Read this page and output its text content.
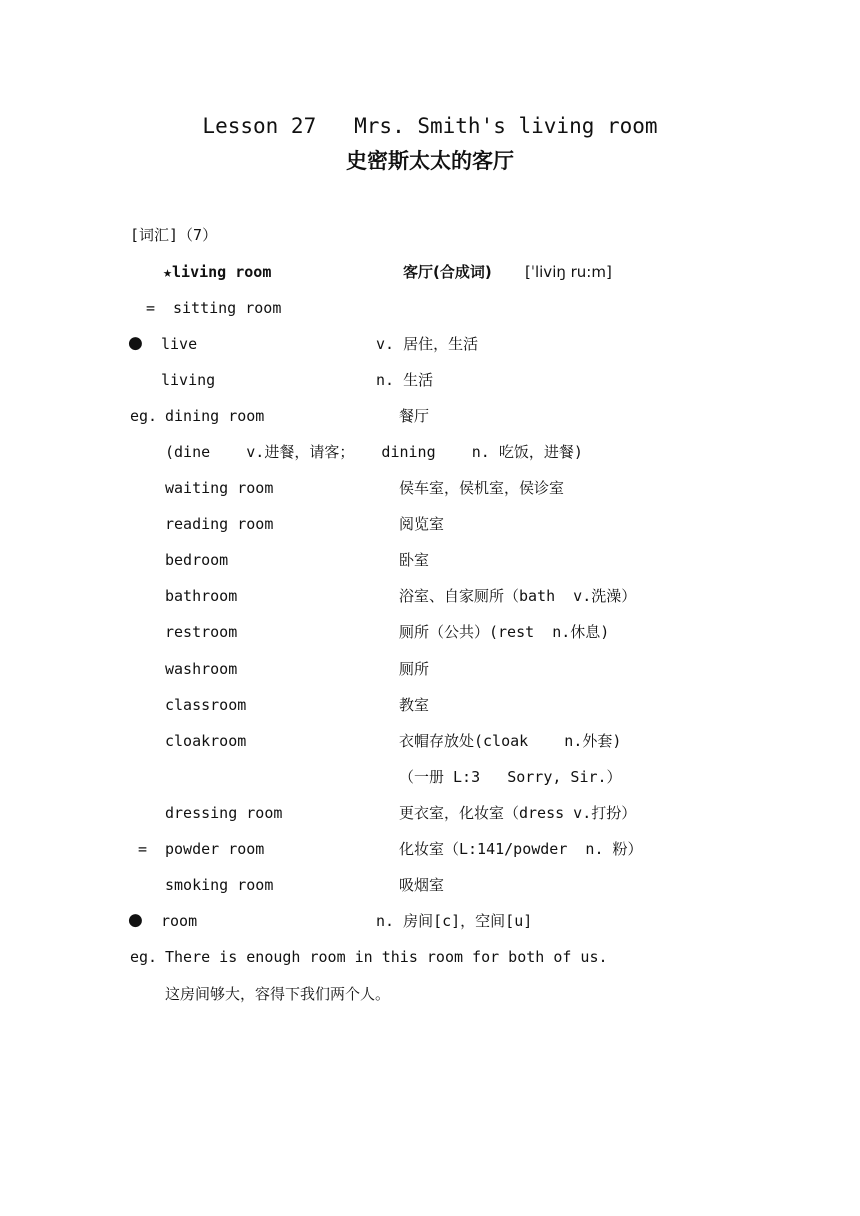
Lesson 27   Mrs. Smith's living room
史密斯太太的客厅
[词汇]（7）
★living room	客厅(合成词) [ˈliviŋ ru:m]
= sitting room
● live	v. 居住，生活
living	n. 生活
eg. dining room	餐厅
(dine    v.进餐，请客；   dining    n. 吃饭，进餐)
waiting room	侯车室，侯机室，侯诊室
reading room	阅览室
bedroom	卧室
bathroom	浴室、自家厕所（bath  v.洗澡）
restroom	厕所（公共）(rest  n.休息)
washroom	厕所
classroom	教室
cloakroom	衣帽存放处(cloak    n.外套)
（一册 L:3   Sorry, Sir.）
dressing room	更衣室，化妆室（dress v.打扮）
= powder room	化妆室（L:141/powder  n. 粉）
smoking room	吸烟室
● room	n. 房间[c]，空间[u]
eg. There is enough room in this room for both of us.
这房间够大，容得下我们两个人。
